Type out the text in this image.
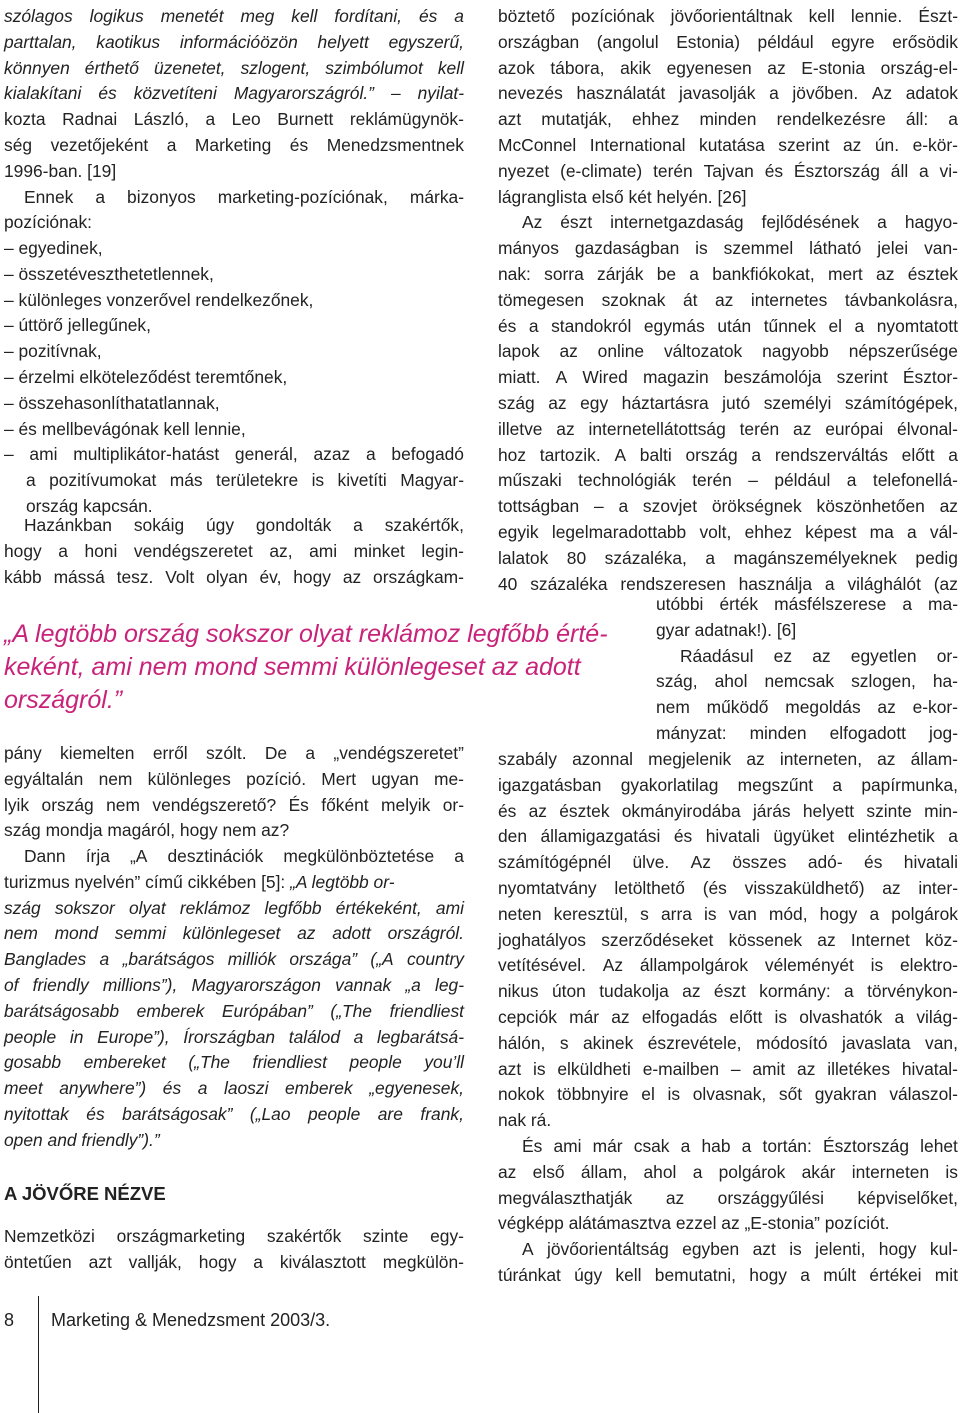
szólagos logikus menetét meg kell fordítani, és a
parttalan, kaotikus információözön helyett egyszerű,
könnyen érthető üzenetet, szlogent, szimbólumot kell
kialakítani és közvetíteni Magyarországról.” – nyilat-
kozta Radnai László, a Leo Burnett reklámügynök-
ség vezetőjeként a Marketing és Menedzsmentnek
1996-ban. [19]
Ennek a bizonyos marketing-pozíciónak, márka-
pozíciónak:
– egyedinek,
– összetéveszthetetlennek,
– különleges vonzerővel rendelkezőnek,
– úttörő jellegűnek,
– pozitívnak,
– érzelmi elköteleződést teremtőnek,
– összehasonlíthatatlannak,
– és mellbevágónak kell lennie,
– ami multiplikátor-hatást generál, azaz a befogadó
a pozitívumokat más területekre is kivetíti Magyar-
ország kapcsán.
Hazánkban sokáig úgy gondolták a szakértők,
hogy a honi vendégszeretet az, ami minket legin-
kább mássá tesz. Volt olyan év, hogy az országkam-
„A legtöbb ország sokszor olyat reklámoz legfőbb érté-
keként, ami nem mond semmi különlegeset az adott
országról.”
pány kiemelten erről szólt. De a „vendégszeretet”
egyáltalán nem különleges pozíció. Mert ugyan me-
lyik ország nem vendégszerető? És főként melyik or-
szág mondja magáról, hogy nem az?
Dann írja „A desztinációk megkülönböztetése a
turizmus nyelvén” című cikkében [5]: „A legtöbb or-
szág sokszor olyat reklámoz legfőbb értékeként, ami
nem mond semmi különlegeset az adott országról.
Banglades a „barátságos milliók országa” („A country
of friendly millions”), Magyarországon vannak „a leg-
barátságosabb emberek Európában” („The friendliest
people in Europe”), Írországban találod a legbarátsá-
gosabb embereket („The friendliest people you’ll
meet anywhere”) és a laoszi emberek „egyenesek,
nyitottak és barátságosak” („Lao people are frank,
open and friendly”).”
A JÖVŐRE NÉZVE
Nemzetközi országmarketing szakértők szinte egy-
öntetűen azt vallják, hogy a kiválasztott megkülön-
böztető pozíciónak jövőorientáltnak kell lennie. Észt-
országban (angolul Estonia) például egyre erősödik
azok tábora, akik egyenesen az E-stonia ország-el-
nevezés használatát javasolják a jövőben. Az adatok
azt mutatják, ehhez minden rendelkezésre áll: a
McConnel International kutatása szerint az ún. e-kör-
nyezet (e-climate) terén Tajvan és Észtország áll a vi-
lágranglista első két helyén. [26]
Az észt internetgazdaság fejlődésének a hagyo-
mányos gazdaságban is szemmel látható jelei van-
nak: sorra zárják be a bankfiókokat, mert az észtek
tömegesen szoknak át az internetes távbankolásra,
és a standokról egymás után tűnnek el a nyomtatott
lapok az online változatok nagyobb népszerűsége
miatt. A Wired magazin beszámolója szerint Észtor-
szág az egy háztartásra jutó személyi számítógépek,
illetve az internetellátottság terén az európai élvonal-
hoz tartozik. A balti ország a rendszerváltás előtt a
műszaki technológiák terén – például a telefonellá-
tottságban – a szovjet örökségnek köszönhetően az
egyik legelmaradottabb volt, ehhez képest ma a vál-
lalatok 80 százaléka, a magánszemélyeknek pedig
40 százaléka rendszeresen használja a világhálót (az
utóbbi érték másfélszerese a ma-
gyar adatnak!). [6]
Ráadásul ez az egyetlen or-
szág, ahol nemcsak szlogen, ha-
nem működő megoldás az e-kor-
mányzat: minden elfogadott jog-
szabály azonnal megjelenik az interneten, az állam-
igazgatásban gyakorlatilag megszűnt a papírmunka,
és az észtek okmányirodába járás helyett szinte min-
den államigazgatási és hivatali ügyüket elintézhetik a
számítógépnél ülve. Az összes adó- és hivatali
nyomtatvány letölthető (és visszaküldhető) az inter-
neten keresztül, s arra is van mód, hogy a polgárok
joghatályos szerződéseket kössenek az Internet köz-
vetítésével. Az állampolgárok véleményét is elektro-
nikus úton tudakolja az észt kormány: a törvénykon-
cepciók már az elfogadás előtt is olvashatók a világ-
hálón, s akinek észrevétele, módosító javaslata van,
azt is elküldheti e-mailben – amit az illetékes hivatal-
nokok többnyire el is olvasnak, sőt gyakran válaszol-
nak rá.
És ami már csak a hab a tortán: Észtország lehet
az első állam, ahol a polgárok akár interneten is
megválaszthatják az országgyűlési képviselőket,
végképp alátámasztva ezzel az „E-stonia” pozíciót.
A jövőorientáltság egyben azt is jelenti, hogy kul-
túránkat úgy kell bemutatni, hogy a múlt értékei mit
8 Marketing & Menedzsment 2003/3.
